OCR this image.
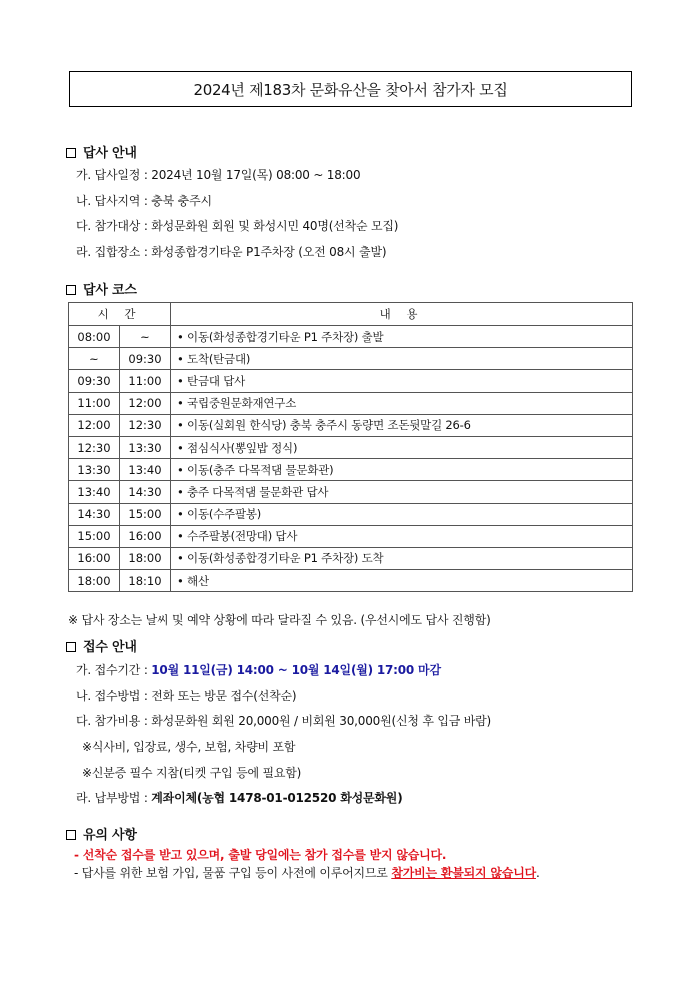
2024년 제183차 문화유산을 찾아서 참가자 모집
답사 안내
가. 답사일정 : 2024년 10월 17일(목) 08:00 ~ 18:00
나. 답사지역 : 충북 충주시
다. 참가대상 : 화성문화원 회원 및 화성시민 40명(선착순 모집)
라. 집합장소 : 화성종합경기타운 P1주차장 (오전 08시 출발)
답사 코스
시 간		내 용
08:00	~	• 이동(화성종합경기타운 P1 주차장) 출발
~	09:30	• 도착(탄금대)
09:30	11:00	• 탄금대 답사
11:00	12:00	• 국립중원문화재연구소
12:00	12:30	• 이동(실회원 한식당) 충북 충주시 동량면 조돈뒷말길 26-6
12:30	13:30	• 점심식사(뽕잎밥 정식)
13:30	13:40	• 이동(충주 다목적댐 물문화관)
13:40	14:30	• 충주 다목적댐 물문화관 답사
14:30	15:00	• 이동(수주팔봉)
15:00	16:00	• 수주팔봉(전망대) 답사
16:00	18:00	• 이동(화성종합경기타운 P1 주차장) 도착
18:00	18:10	• 해산
※ 답사 장소는 날씨 및 예약 상황에 따라 달라질 수 있음. (우선시에도 답사 진행함)
접수 안내
가. 접수기간 : 10월 11일(금) 14:00 ~ 10월 14일(월) 17:00 마감
나. 접수방법 : 전화 또는 방문 접수(선착순)
다. 참가비용 : 화성문화원 회원 20,000원 / 비회원 30,000원(신청 후 입금 바람)
※식사비, 입장료, 생수, 보험, 차량비 포함
※신분증 필수 지참(티켓 구입 등에 필요함)
라. 납부방법 : 계좌이체(농협 1478-01-012520 화성문화원)
유의 사항
- 선착순 접수를 받고 있으며, 출발 당일에는 참가 접수를 받지 않습니다.
- 답사를 위한 보험 가입, 물품 구입 등이 사전에 이루어지므로 참가비는 환불되지 않습니다.
